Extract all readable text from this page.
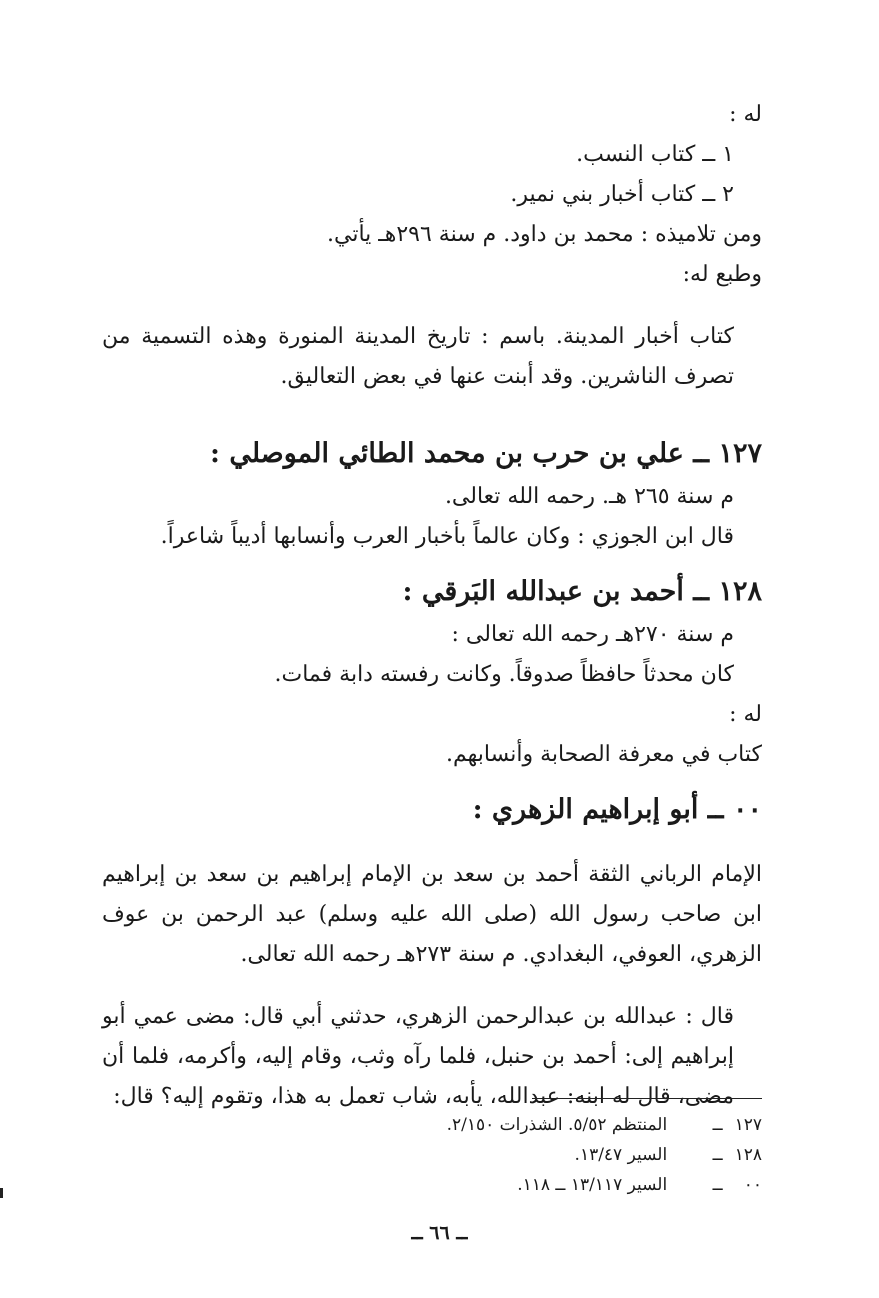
له :

١ ــ كتاب النسب.

٢ ــ كتاب أخبار بني نمير.

ومن تلاميذه : محمد بن داود. م سنة ٢٩٦هـ يأتي.

وطبع له:

كتاب أخبار المدينة. باسم : تاريخ المدينة المنورة وهذه التسمية من تصرف الناشرين. وقد أبنت عنها في بعض التعاليق.

١٢٧ ــ علي بن حرب بن محمد الطائي الموصلي :

م سنة ٢٦٥ هـ. رحمه الله تعالى.

قال ابن الجوزي : وكان عالماً بأخبار العرب وأنسابها أديباً شاعراً.

١٢٨ ــ أحمد بن عبدالله البَرقي :

م سنة ٢٧٠هـ رحمه الله تعالى :

كان محدثاً حافظاً صدوقاً. وكانت رفسته دابة فمات.

له :

كتاب في معرفة الصحابة وأنسابهم.

٠٠ ــ أبو إبراهيم الزهري :

الإمام الرباني الثقة أحمد بن سعد بن الإمام إبراهيم بن سعد بن إبراهيم ابن صاحب رسول الله (صلى الله عليه وسلم) عبد الرحمن بن عوف الزهري، العوفي، البغدادي. م سنة ٢٧٣هـ رحمه الله تعالى.

قال : عبدالله بن عبدالرحمن الزهري، حدثني أبي قال: مضى عمي أبو إبراهيم إلى: أحمد بن حنبل، فلما رآه وثب، وقام إليه، وأكرمه، فلما أن مضى، قال له ابنه: عبدالله، يأبه، شاب تعمل به هذا، وتقوم إليه؟ قال:

١٢٧ ــ المنتظم ٥/٥٢. الشذرات ٢/١٥٠.

١٢٨ ــ السير ١٣/٤٧.

٠٠ ــ السير ١٣/١١٧ ــ ١١٨.

ــ ٦٦ ــ
